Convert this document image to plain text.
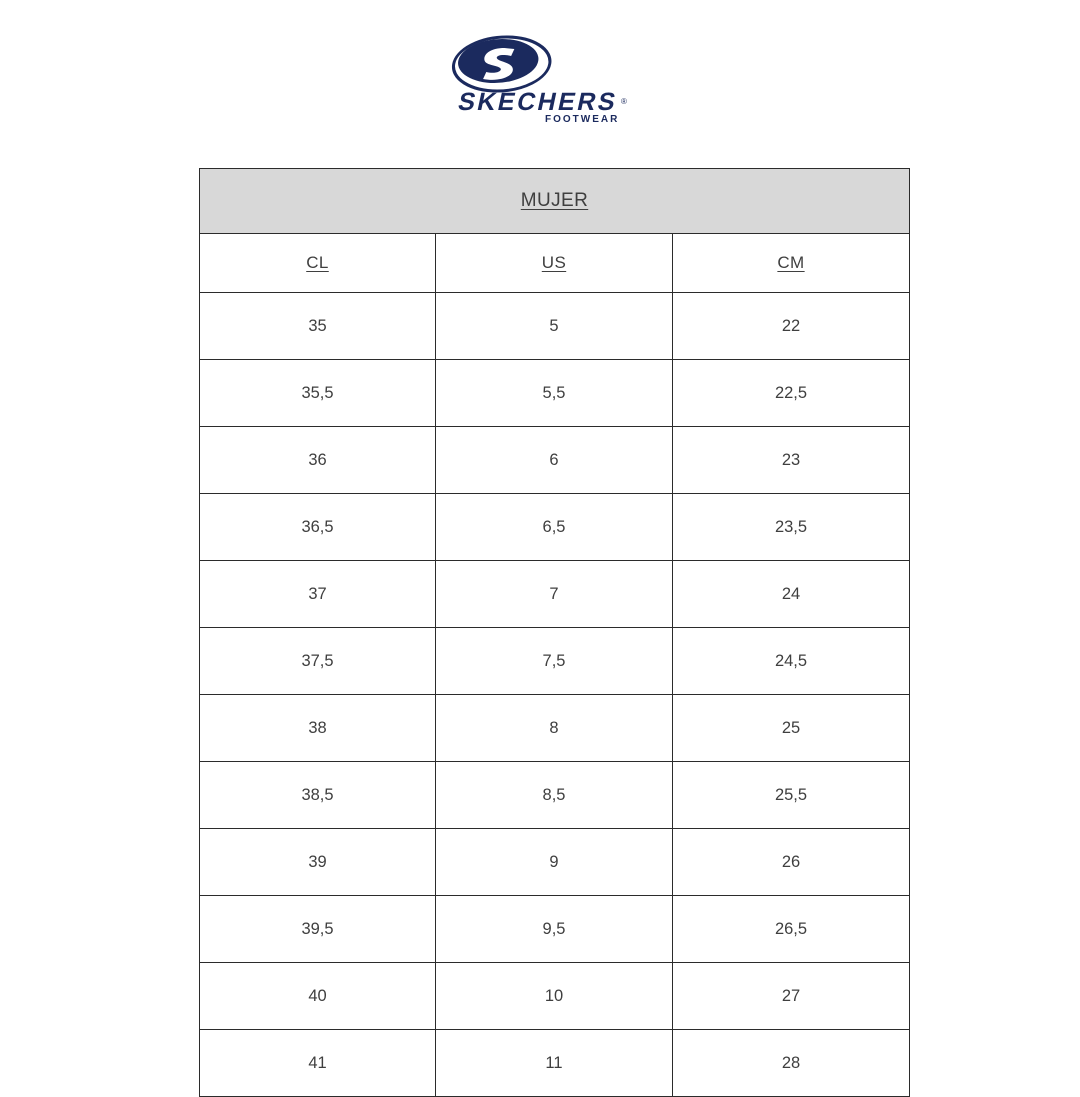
SKECHERS
FOOTWEAR
®
MUJER		
CL	US	CM
35	5	22
35,5	5,5	22,5
36	6	23
36,5	6,5	23,5
37	7	24
37,5	7,5	24,5
38	8	25
38,5	8,5	25,5
39	9	26
39,5	9,5	26,5
40	10	27
41	11	28
